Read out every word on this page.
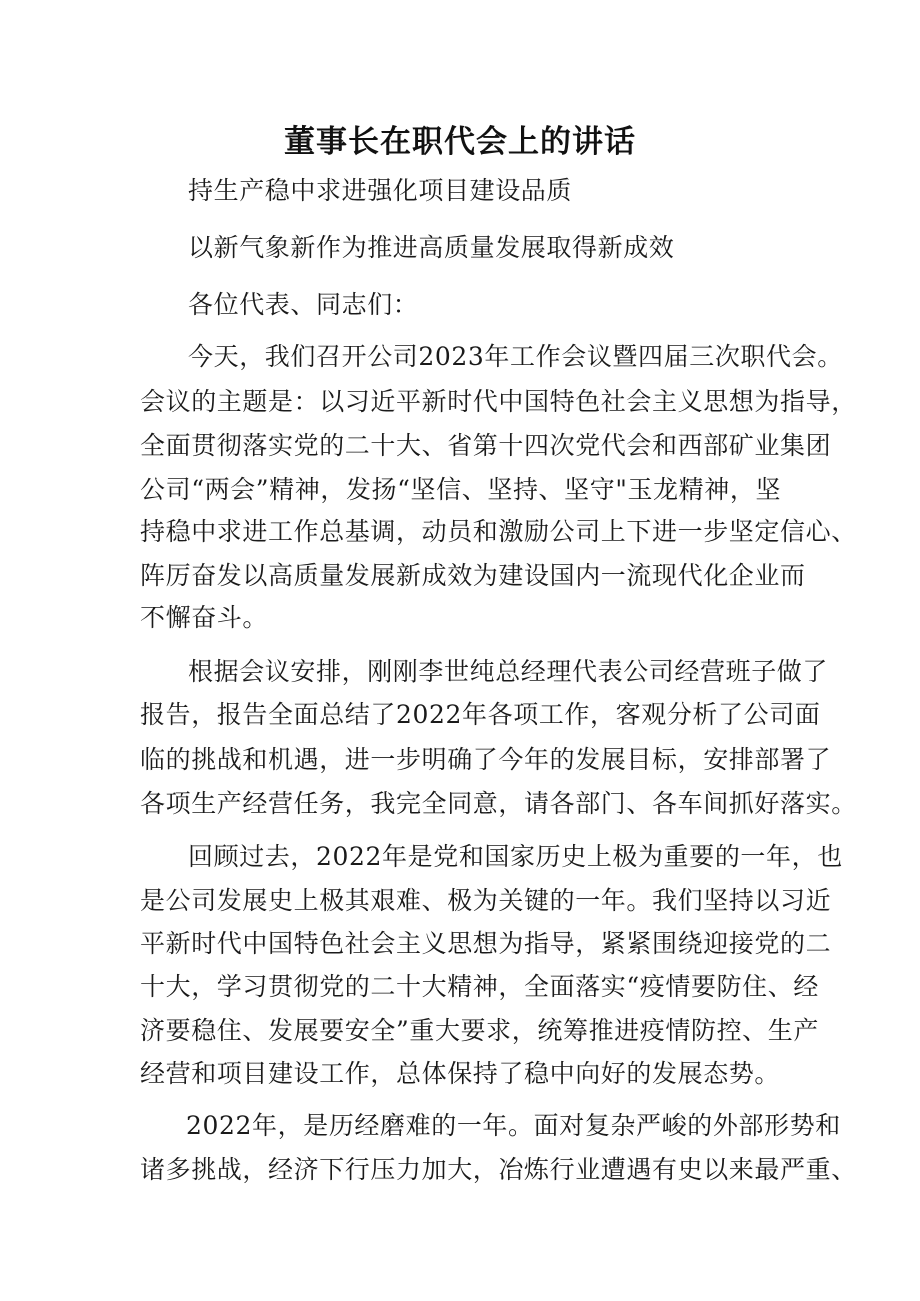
董事长在职代会上的讲话
持生产稳中求进强化项目建设品质
以新气象新作为推进高质量发展取得新成效
各位代表、同志们：
今天，我们召开公司2023年工作会议暨四届三次职代会。
会议的主题是：以习近平新时代中国特色社会主义思想为指导，
全面贯彻落实党的二十大、省第十四次党代会和西部矿业集团
公司“两会”精神，发扬“坚信、坚持、坚守"玉龙精神，坚
持稳中求进工作总基调，动员和激励公司上下进一步坚定信心、
阵厉奋发以高质量发展新成效为建设国内一流现代化企业而
不懈奋斗。
根据会议安排，刚刚李世纯总经理代表公司经营班子做了
报告，报告全面总结了2022年各项工作，客观分析了公司面
临的挑战和机遇，进一步明确了今年的发展目标，安排部署了
各项生产经营任务，我完全同意，请各部门、各车间抓好落实。
回顾过去，2022年是党和国家历史上极为重要的一年，也
是公司发展史上极其艰难、极为关键的一年。我们坚持以习近
平新时代中国特色社会主义思想为指导，紧紧围绕迎接党的二
十大，学习贯彻党的二十大精神，全面落实“疫情要防住、经
济要稳住、发展要安全”重大要求，统筹推进疫情防控、生产
经营和项目建设工作，总体保持了稳中向好的发展态势。
2022年，是历经磨难的一年。面对复杂严峻的外部形势和
诸多挑战，经济下行压力加大，冶炼行业遭遇有史以来最严重、
